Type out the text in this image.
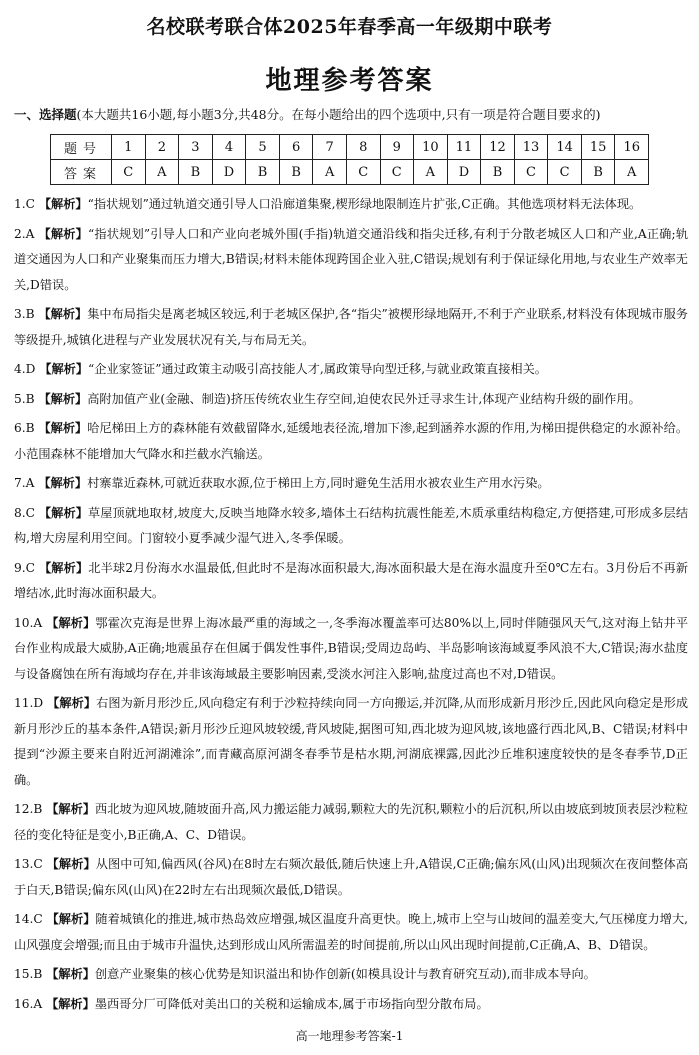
名校联考联合体2025年春季高一年级期中联考
地理参考答案
一、选择题(本大题共16小题,每小题3分,共48分。在每小题给出的四个选项中,只有一项是符合题目要求的)
题号	1	2	3	4	5	6	7	8	9	10	11	12	13	14	15	16
答案	C	A	B	D	B	B	A	C	C	A	D	B	C	C	B	A
1.C 【解析】“指状规划”通过轨道交通引导人口沿廊道集聚,楔形绿地限制连片扩张,C正确。其他选项材料无法体现。
2.A 【解析】“指状规划”引导人口和产业向老城外围(手指)轨道交通沿线和指尖迁移,有利于分散老城区人口和产业,A正确;轨道交通因为人口和产业聚集而压力增大,B错误;材料未能体现跨国企业入驻,C错误;规划有利于保证绿化用地,与农业生产效率无关,D错误。
3.B 【解析】集中布局指尖是离老城区较远,利于老城区保护,各“指尖”被楔形绿地隔开,不利于产业联系,材料没有体现城市服务等级提升,城镇化进程与产业发展状况有关,与布局无关。
4.D 【解析】“企业家签证”通过政策主动吸引高技能人才,属政策导向型迁移,与就业政策直接相关。
5.B 【解析】高附加值产业(金融、制造)挤压传统农业生存空间,迫使农民外迁寻求生计,体现产业结构升级的副作用。
6.B 【解析】哈尼梯田上方的森林能有效截留降水,延缓地表径流,增加下渗,起到涵养水源的作用,为梯田提供稳定的水源补给。小范围森林不能增加大气降水和拦截水汽输送。
7.A 【解析】村寨靠近森林,可就近获取水源,位于梯田上方,同时避免生活用水被农业生产用水污染。
8.C 【解析】草屋顶就地取材,坡度大,反映当地降水较多,墙体土石结构抗震性能差,木质承重结构稳定,方便搭建,可形成多层结构,增大房屋利用空间。门窗较小夏季减少湿气进入,冬季保暖。
9.C 【解析】北半球2月份海水水温最低,但此时不是海冰面积最大,海冰面积最大是在海水温度升至0℃左右。3月份后不再新增结冰,此时海冰面积最大。
10.A 【解析】鄂霍次克海是世界上海冰最严重的海域之一,冬季海冰覆盖率可达80%以上,同时伴随强风天气,这对海上钻井平台作业构成最大威胁,A正确;地震虽存在但属于偶发性事件,B错误;受周边岛屿、半岛影响该海域夏季风浪不大,C错误;海水盐度与设备腐蚀在所有海域均存在,并非该海域最主要影响因素,受淡水河注入影响,盐度过高也不对,D错误。
11.D 【解析】右图为新月形沙丘,风向稳定有利于沙粒持续向同一方向搬运,并沉降,从而形成新月形沙丘,因此风向稳定是形成新月形沙丘的基本条件,A错误;新月形沙丘迎风坡较缓,背风坡陡,据图可知,西北坡为迎风坡,该地盛行西北风,B、C错误;材料中提到“沙源主要来自附近河湖滩涂”,而青藏高原河湖冬春季节是枯水期,河湖底裸露,因此沙丘堆积速度较快的是冬春季节,D正确。
12.B 【解析】西北坡为迎风坡,随坡面升高,风力搬运能力减弱,颗粒大的先沉积,颗粒小的后沉积,所以由坡底到坡顶表层沙粒粒径的变化特征是变小,B正确,A、C、D错误。
13.C 【解析】从图中可知,偏西风(谷风)在8时左右频次最低,随后快速上升,A错误,C正确;偏东风(山风)出现频次在夜间整体高于白天,B错误;偏东风(山风)在22时左右出现频次最低,D错误。
14.C 【解析】随着城镇化的推进,城市热岛效应增强,城区温度升高更快。晚上,城市上空与山坡间的温差变大,气压梯度力增大,山风强度会增强;而且由于城市升温快,达到形成山风所需温差的时间提前,所以山风出现时间提前,C正确,A、B、D错误。
15.B 【解析】创意产业聚集的核心优势是知识溢出和协作创新(如模具设计与教育研究互动),而非成本导向。
16.A 【解析】墨西哥分厂可降低对美出口的关税和运输成本,属于市场指向型分散布局。
高一地理参考答案-1
